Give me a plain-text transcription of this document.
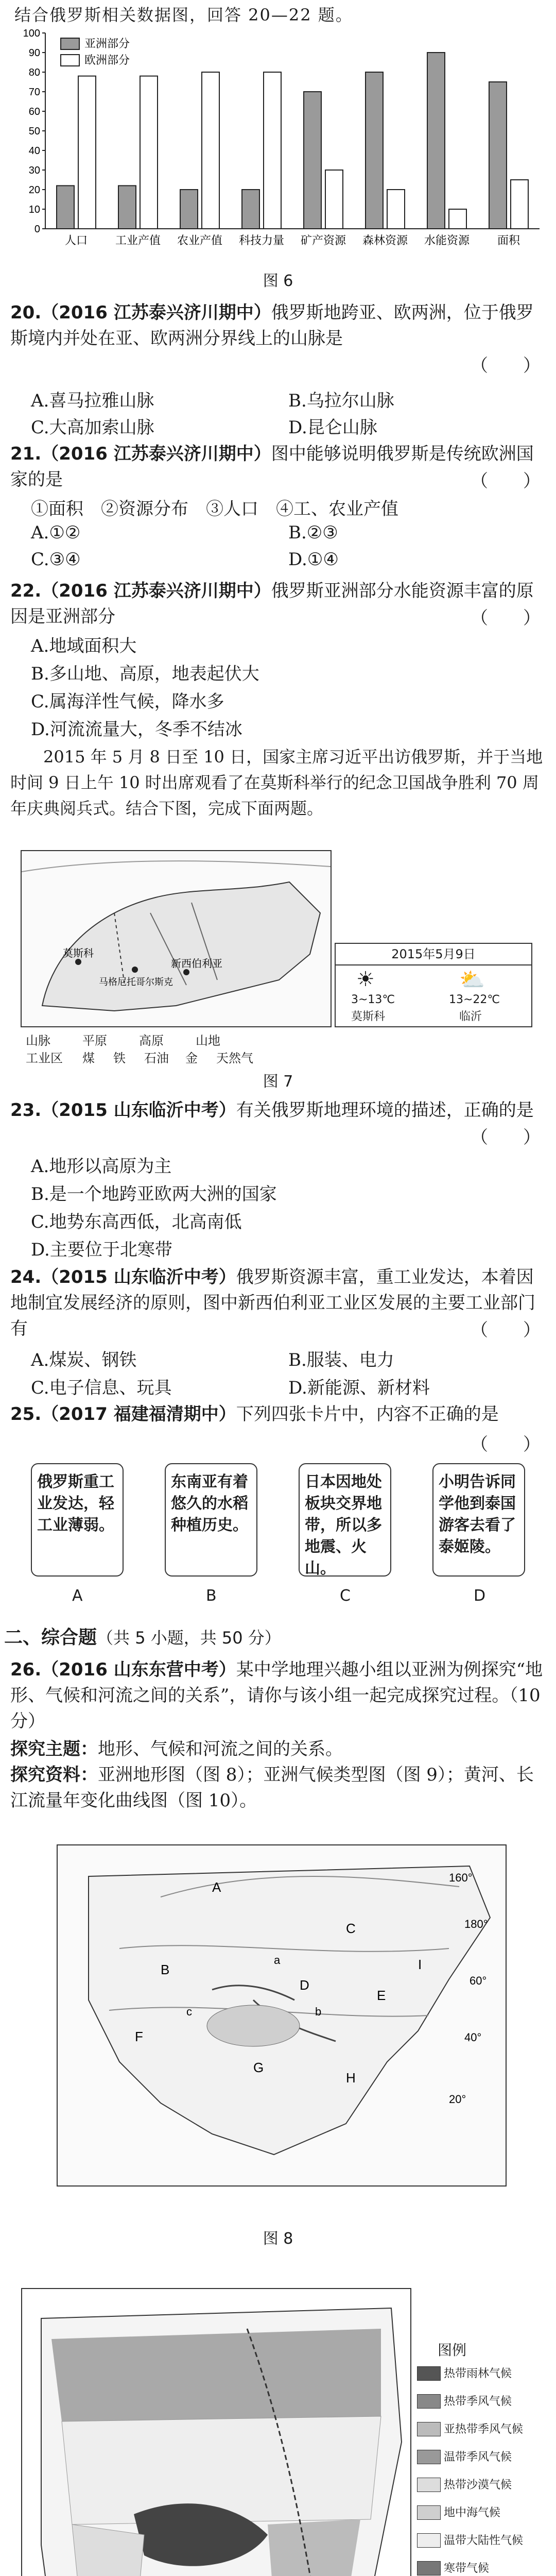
结合俄罗斯相关数据图，回答 20—22 题。
0
10
20
30
40
50
60
70
80
90
100
人口 工业产值 农业产值 科技力量 矿产资源 森林资源 水能资源 面积
亚洲部分
欧洲部分
图 6
20.（2016 江苏泰兴济川期中）俄罗斯地跨亚、欧两洲，位于俄罗斯境内并处在亚、欧两洲分界线上的山脉是
（　　）
A.喜马拉雅山脉	B.乌拉尔山脉
C.大高加索山脉	D.昆仑山脉
21.（2016 江苏泰兴济川期中）图中能够说明俄罗斯是传统欧洲国家的是	（　　）
①面积　②资源分布　③人口　④工、农业产值
A.①②	B.②③
C.③④	D.①④
22.（2016 江苏泰兴济川期中）俄罗斯亚洲部分水能资源丰富的原因是亚洲部分	（　　）
A.地域面积大
B.多山地、高原，地表起伏大
C.属海洋性气候，降水多
D.河流流量大，冬季不结冰
2015 年 5 月 8 日至 10 日，国家主席习近平出访俄罗斯，并于当地时间 9 日上午 10 时出席观看了在莫斯科举行的纪念卫国战争胜利 70 周年庆典阅兵式。结合下图，完成下面两题。
莫斯科
新西伯利亚
马格尼托哥尔斯克
山脉	平原	高原	山地
工业区 煤 铁 石油 金 天然气
2015年5月9日
☀
3~13℃
莫斯科
⛅
13~22℃
临沂
图 7
23.（2015 山东临沂中考）有关俄罗斯地理环境的描述，正确的是
（　　）
A.地形以高原为主
B.是一个地跨亚欧两大洲的国家
C.地势东高西低，北高南低
D.主要位于北寒带
24.（2015 山东临沂中考）俄罗斯资源丰富，重工业发达，本着因地制宜发展经济的原则，图中新西伯利亚工业区发展的主要工业部门有	（　　）
A.煤炭、钢铁	B.服装、电力
C.电子信息、玩具	D.新能源、新材料
25.（2017 福建福清期中）下列四张卡片中，内容不正确的是
（　　）
俄罗斯重工业发达，轻工业薄弱。
东南亚有着悠久的水稻种植历史。
日本因地处板块交界地带，所以多地震、火山。
小明告诉同学他到泰国游客去看了泰姬陵。
A	B	C	D
二、综合题（共 5 小题，共 50 分）
26.（2016 山东东营中考）某中学地理兴趣小组以亚洲为例探究“地形、气候和河流之间的关系”，请你与该小组一起完成探究过程。（10 分）
探究主题：地形、气候和河流之间的关系。
探究资料：亚洲地形图（图 8）；亚洲气候类型图（图 9）；黄河、长江流量年变化曲线图（图 10）。
A
B
C
D
E
F
G
H
I
a
b
c
160°
180°
60°
40°
20°
图 8
图例
热带雨林气候
热带季风气候
亚热带季风气候
温带季风气候
热带沙漠气候
地中海气候
温带大陆性气候
寒带气候
